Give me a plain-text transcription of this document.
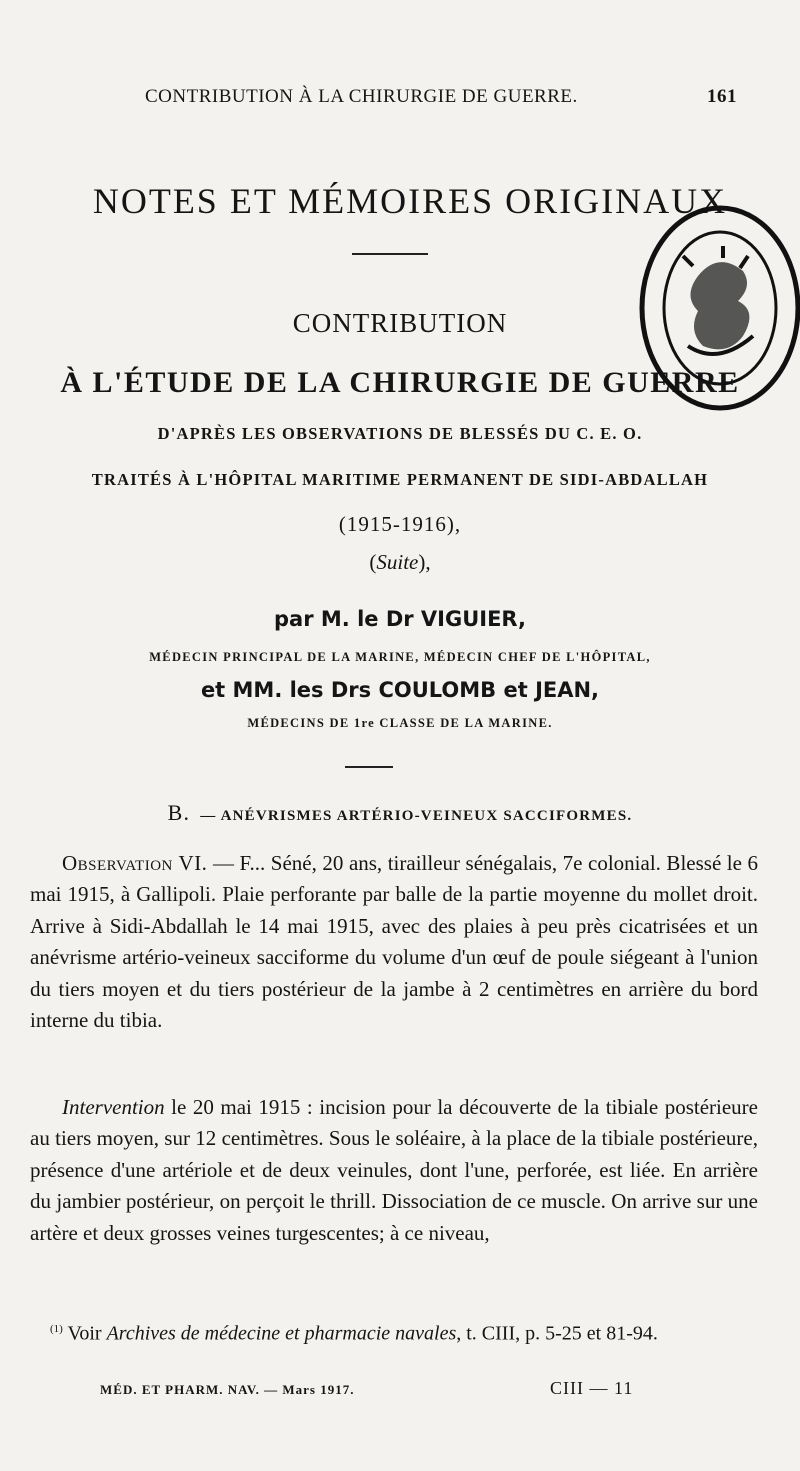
CONTRIBUTION À LA CHIRURGIE DE GUERRE.	161
NOTES ET MÉMOIRES ORIGINAUX
CONTRIBUTION
À L'ÉTUDE DE LA CHIRURGIE DE GUERRE
D'APRÈS LES OBSERVATIONS DE BLESSÉS DU C. E. O.
TRAITÉS À L'HÔPITAL MARITIME PERMANENT DE SIDI-ABDALLAH
(1915-1916),
(Suite),
par M. le Dr VIGUIER,
MÉDECIN PRINCIPAL DE LA MARINE, MÉDECIN CHEF DE L'HÔPITAL,
et MM. les Drs COULOMB et JEAN,
MÉDECINS DE 1re CLASSE DE LA MARINE.
B. — ANÉVRISMES ARTÉRIO-VEINEUX SACCIFORMES.
Observation VI. — F... Séné, 20 ans, tirailleur sénégalais, 7e colonial. Blessé le 6 mai 1915, à Gallipoli. Plaie perforante par balle de la partie moyenne du mollet droit. Arrive à Sidi-Abdallah le 14 mai 1915, avec des plaies à peu près cicatrisées et un anévrisme artério-veineux sacciforme du volume d'un œuf de poule siégeant à l'union du tiers moyen et du tiers postérieur de la jambe à 2 centimètres en arrière du bord interne du tibia.
Intervention le 20 mai 1915 : incision pour la découverte de la tibiale postérieure au tiers moyen, sur 12 centimètres. Sous le soléaire, à la place de la tibiale postérieure, présence d'une artériole et de deux veinules, dont l'une, perforée, est liée. En arrière du jambier postérieur, on perçoit le thrill. Dissociation de ce muscle. On arrive sur une artère et deux grosses veines turgescentes; à ce niveau,
$^{(1)}$ Voir Archives de médecine et pharmacie navales, t. CIII, p. 5-25 et 81-94.
MÉD. ET PHARM. NAV. — Mars 1917.	CIII — 11
